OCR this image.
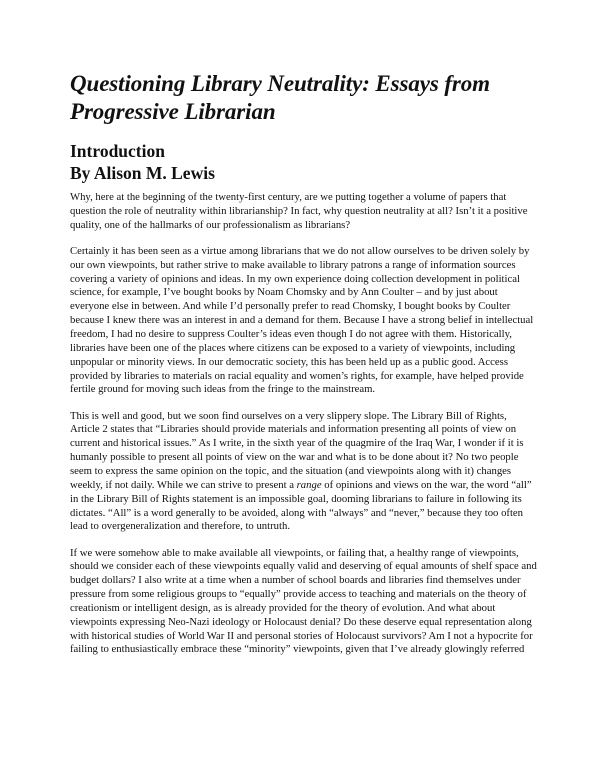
Questioning Library Neutrality: Essays from Progressive Librarian
Introduction
By Alison M. Lewis

Why, here at the beginning of the twenty-first century, are we putting together a volume of papers that question the role of neutrality within librarianship? In fact, why question neutrality at all? Isn’t it a positive quality, one of the hallmarks of our professionalism as librarians?

Certainly it has been seen as a virtue among librarians that we do not allow ourselves to be driven solely by our own viewpoints, but rather strive to make available to library patrons a range of information sources covering a variety of opinions and ideas. In my own experience doing collection development in political science, for example, I’ve bought books by Noam Chomsky and by Ann Coulter – and by just about everyone else in between. And while I’d personally prefer to read Chomsky, I bought books by Coulter because I knew there was an interest in and a demand for them. Because I have a strong belief in intellectual freedom, I had no desire to suppress Coulter’s ideas even though I do not agree with them. Historically, libraries have been one of the places where citizens can be exposed to a variety of viewpoints, including unpopular or minority views. In our democratic society, this has been held up as a public good. Access provided by libraries to materials on racial equality and women’s rights, for example, have helped provide fertile ground for moving such ideas from the fringe to the mainstream.

This is well and good, but we soon find ourselves on a very slippery slope. The Library Bill of Rights, Article 2 states that “Libraries should provide materials and information presenting all points of view on current and historical issues.” As I write, in the sixth year of the quagmire of the Iraq War, I wonder if it is humanly possible to present all points of view on the war and what is to be done about it? No two people seem to express the same opinion on the topic, and the situation (and viewpoints along with it) changes weekly, if not daily. While we can strive to present a range of opinions and views on the war, the word “all” in the Library Bill of Rights statement is an impossible goal, dooming librarians to failure in following its dictates. “All” is a word generally to be avoided, along with “always” and “never,” because they too often lead to overgeneralization and therefore, to untruth.

If we were somehow able to make available all viewpoints, or failing that, a healthy range of viewpoints, should we consider each of these viewpoints equally valid and deserving of equal amounts of shelf space and budget dollars? I also write at a time when a number of school boards and libraries find themselves under pressure from some religious groups to “equally” provide access to teaching and materials on the theory of creationism or intelligent design, as is already provided for the theory of evolution. And what about viewpoints expressing Neo-Nazi ideology or Holocaust denial? Do these deserve equal representation along with historical studies of World War II and personal stories of Holocaust survivors? Am I not a hypocrite for failing to enthusiastically embrace these “minority” viewpoints, given that I’ve already glowingly referred
